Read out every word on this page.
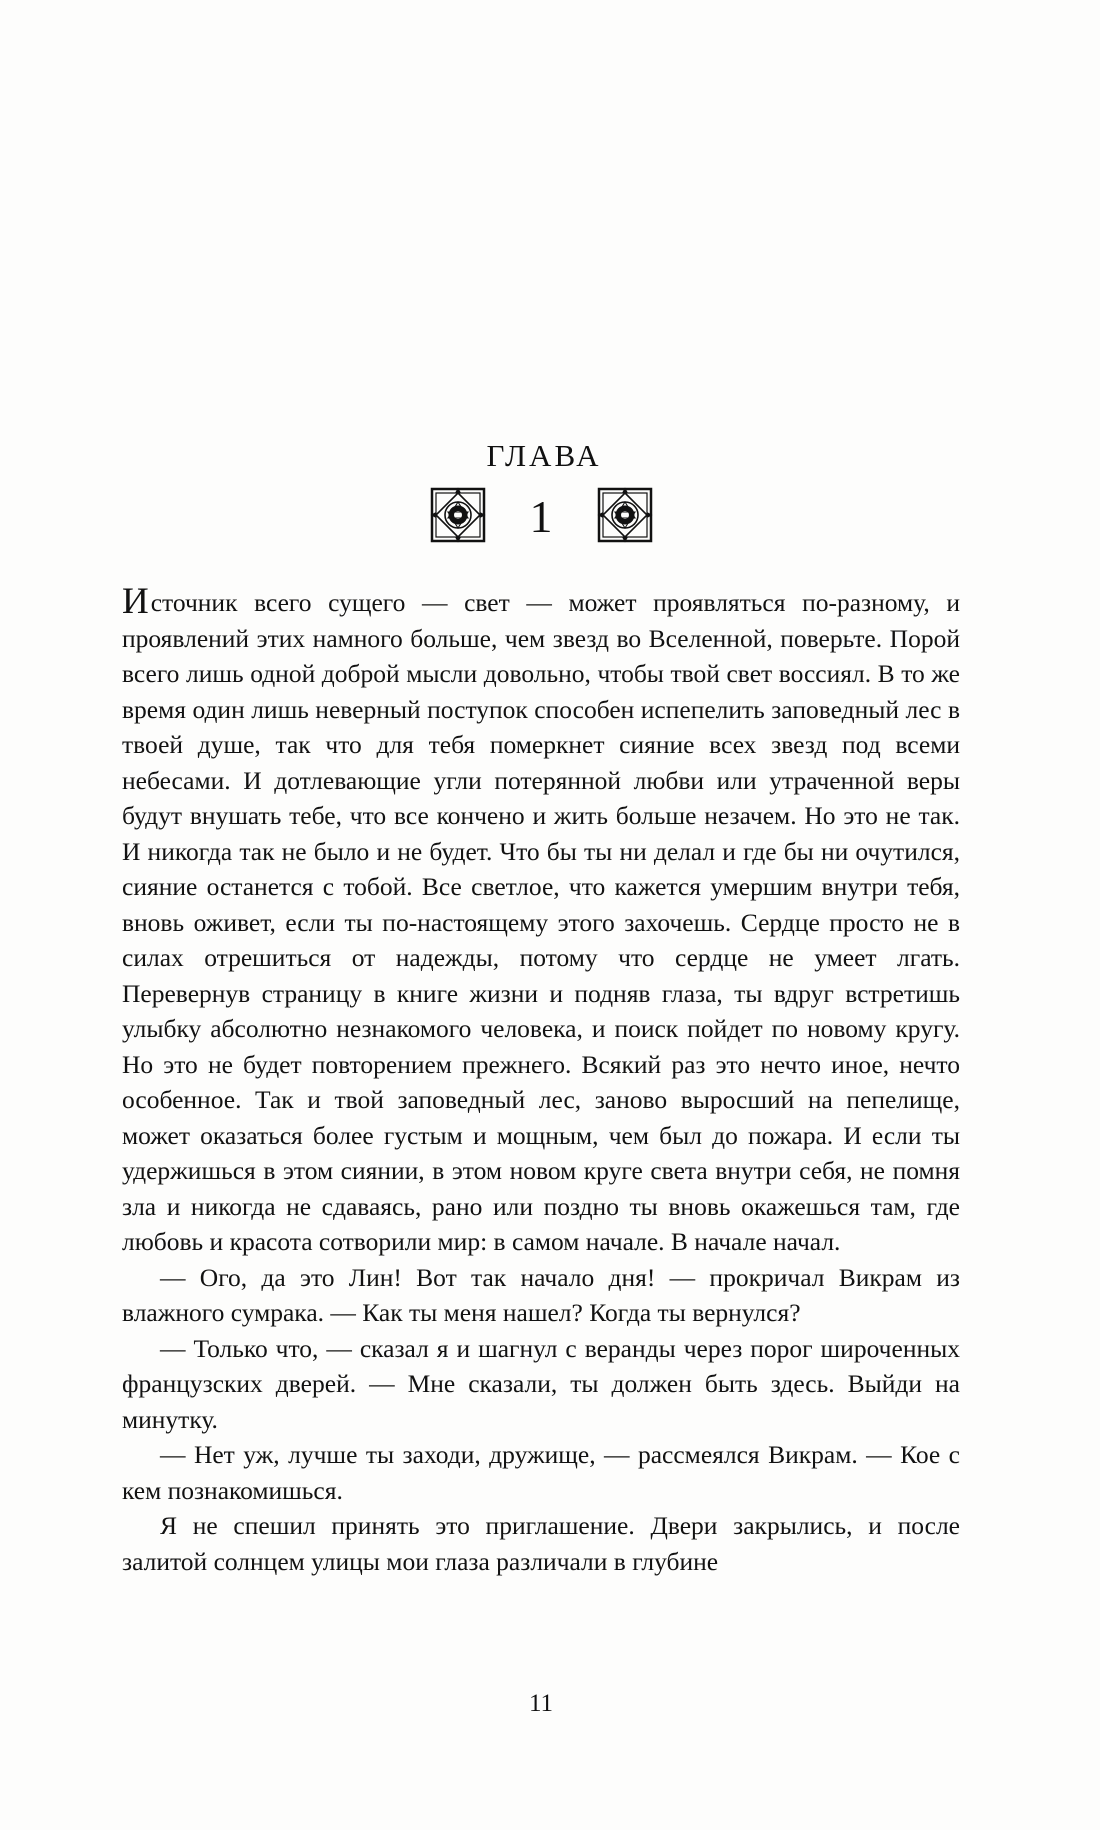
ГЛАВА
1

И сточник всего сущего — свет — может проявляться по-разному, и проявлений этих намного больше, чем звезд во Вселенной, поверьте. Порой всего лишь одной доброй мысли довольно, чтобы твой свет воссиял. В то же время один лишь неверный поступок способен испепелить заповедный лес в твоей душе, так что для тебя померкнет сияние всех звезд под всеми небесами. И дотлевающие угли потерянной любви или утраченной веры будут внушать тебе, что все кончено и жить больше незачем. Но это не так. И никогда так не было и не будет. Что бы ты ни делал и где бы ни очутился, сияние останется с тобой. Все светлое, что кажется умершим внутри тебя, вновь оживет, если ты по-настоящему этого захочешь. Сердце просто не в силах отрешиться от надежды, потому что сердце не умеет лгать. Перевернув страницу в книге жизни и подняв глаза, ты вдруг встретишь улыбку абсолютно незнакомого человека, и поиск пойдет по новому кругу. Но это не будет повторением прежнего. Всякий раз это нечто иное, нечто особенное. Так и твой заповедный лес, заново выросший на пепелище, может оказаться более густым и мощным, чем был до пожара. И если ты удержишься в этом сиянии, в этом новом круге света внутри себя, не помня зла и никогда не сдаваясь, рано или поздно ты вновь окажешься там, где любовь и красота сотворили мир: в самом начале. В начале начал.

— Ого, да это Лин! Вот так начало дня! — прокричал Викрам из влажного сумрака. — Как ты меня нашел? Когда ты вернулся?

— Только что, — сказал я и шагнул с веранды через порог широченных французских дверей. — Мне сказали, ты должен быть здесь. Выйди на минутку.

— Нет уж, лучше ты заходи, дружище, — рассмеялся Викрам. — Кое с кем познакомишься.

Я не спешил принять это приглашение. Двери закрылись, и после залитой солнцем улицы мои глаза различали в глубине

11
